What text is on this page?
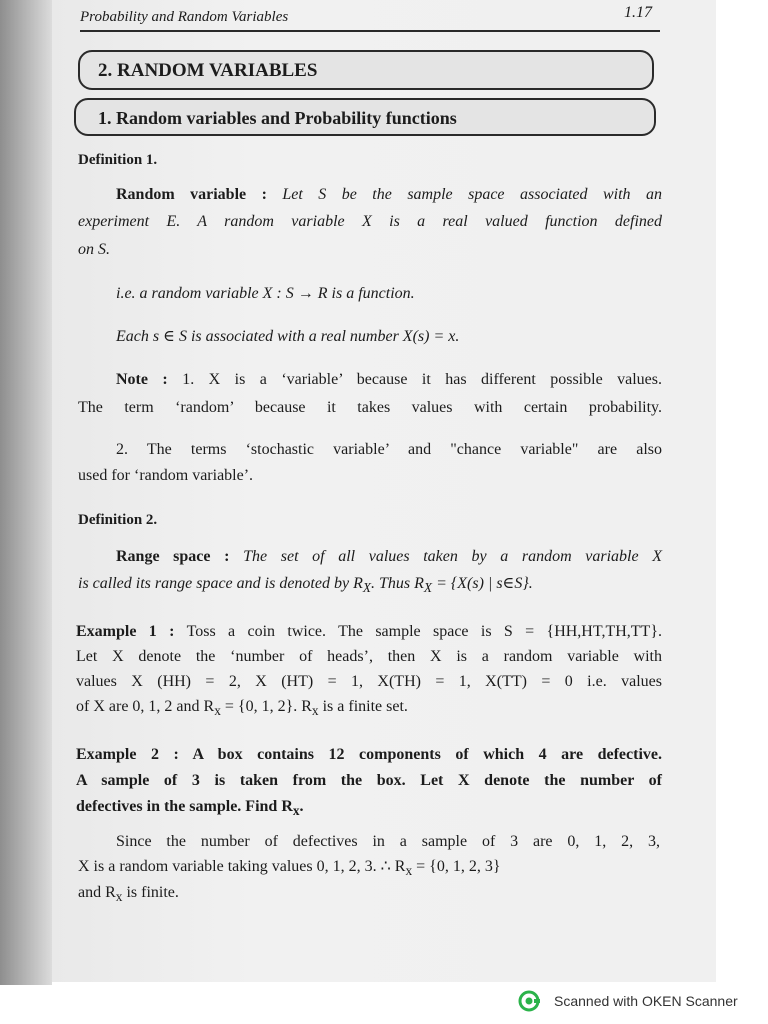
Probability and Random Variables	1.17
2. RANDOM VARIABLES
1. Random variables and Probability functions
Definition 1.
Random variable : Let S be the sample space associated with an
experiment E. A random variable X is a real valued function defined
on S.
i.e. a random variable X : S → R is a function.
Each s ∈ S is associated with a real number X(s) = x.
Note : 1. X is a ‘variable’ because it has different possible values.
The term ‘random’ because it takes values with certain probability.
2. The terms ‘stochastic variable’ and "chance variable" are also
used for ‘random variable’.
Definition 2.
Range space : The set of all values taken by a random variable X
is called its range space and is denoted by $R_X$. Thus $R_X = \{X(s)$ | s∈S}.
Example 1 : Toss a coin twice. The sample space is S = {HH,HT,TH,TT}.
Let X denote the ‘number of heads’, then X is a random variable with
values X (HH) = 2, X (HT) = 1, X(TH) = 1, X(TT) = 0 i.e. values
of X are 0, 1, 2 and $R_x = \{0$, 1, 2}. $R_x$ is a finite set.
Example 2 : A box contains 12 components of which 4 are defective.
A sample of 3 is taken from the box. Let X denote the number of
defectives in the sample. Find $R_x$.
Since the number of defectives in a sample of 3 are 0, 1, 2, 3,
X is a random variable taking values 0, 1, 2, 3. ∴ $R_x = \{0$, 1, 2, 3}
and $R_x$ is finite.
Scanned with OKEN Scanner
